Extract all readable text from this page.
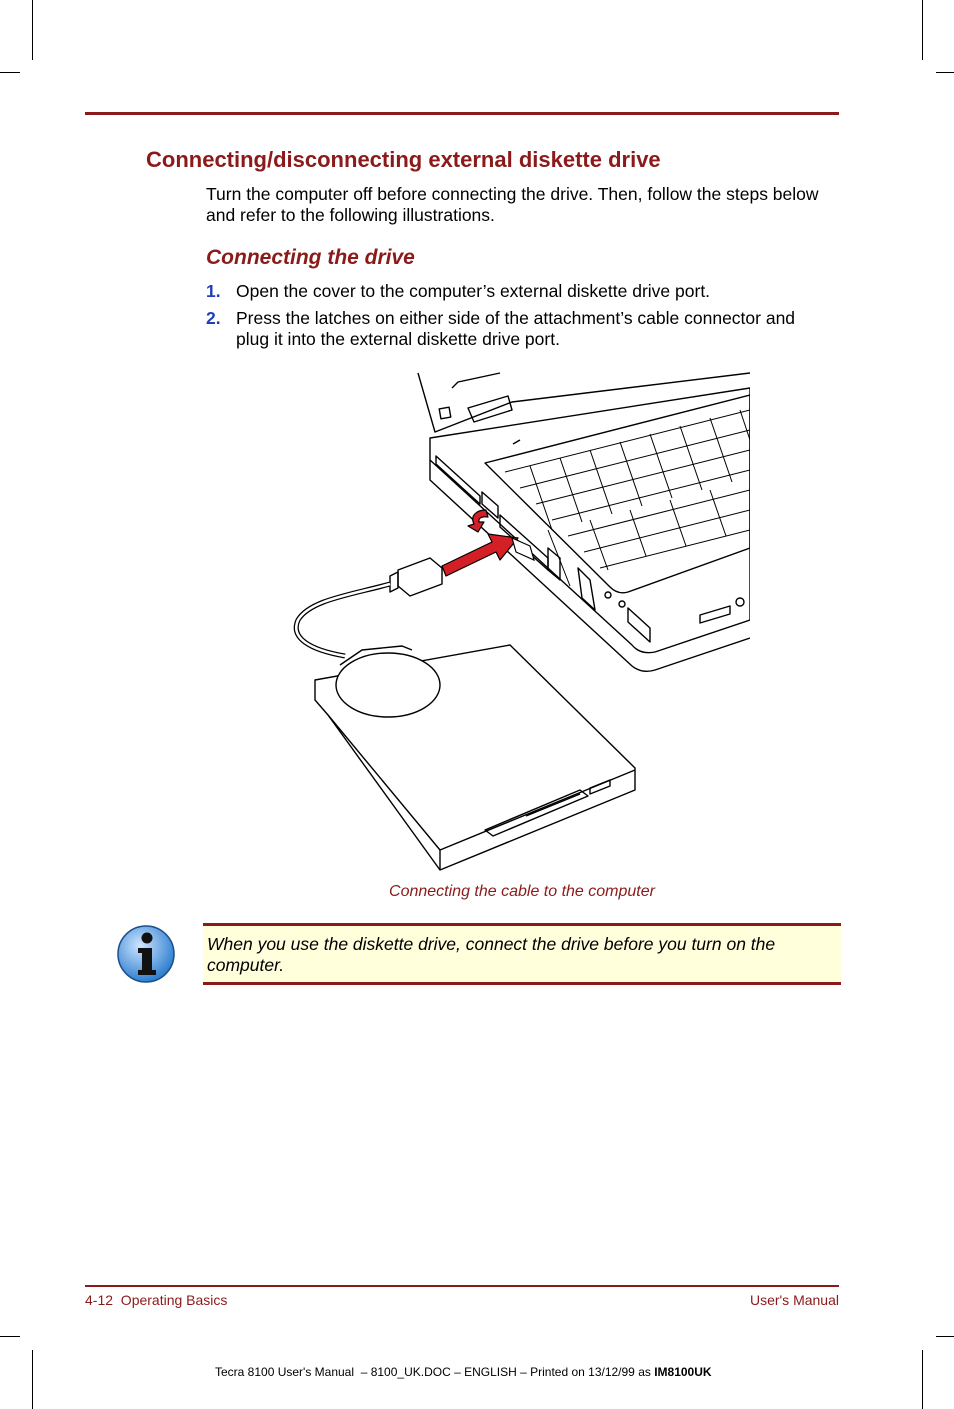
Connecting/disconnecting external diskette drive

Turn the computer off before connecting the drive. Then, follow the steps below and refer to the following illustrations.

Connecting the drive
1. Open the cover to the computer’s external diskette drive port.
2. Press the latches on either side of the attachment’s cable connector and plug it into the external diskette drive port.
Connecting the cable to the computer

When you use the diskette drive, connect the drive before you turn on the computer.

4-12  Operating Basics	User's Manual
Tecra 8100 User's Manual  – 8100_UK.DOC – ENGLISH – Printed on 13/12/99 as IM8100UK
